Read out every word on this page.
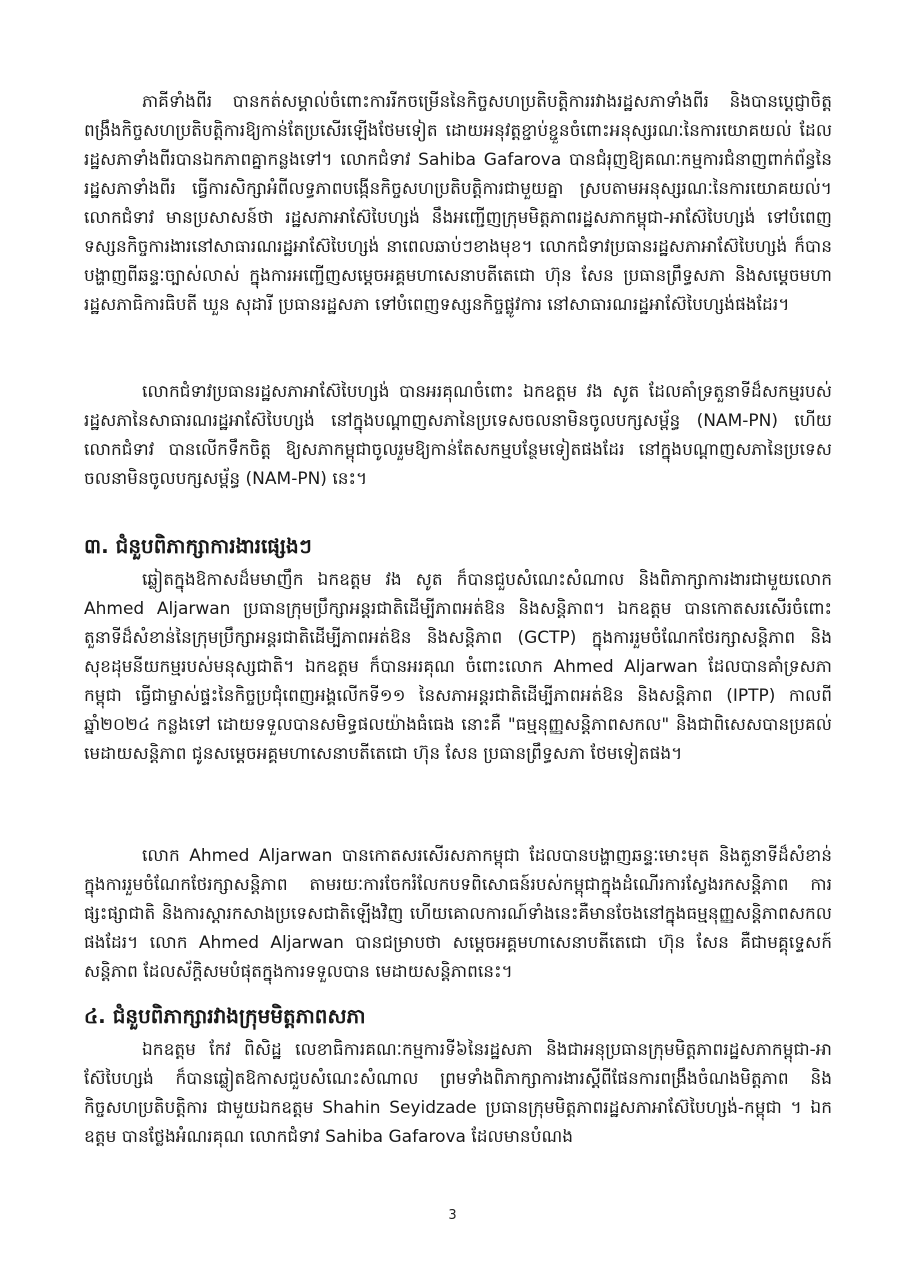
ភាគីទាំងពីរ បានកត់សម្គាល់ចំពោះការរីកចម្រើននៃកិច្ចសហប្រតិបត្តិការរវាងរដ្ឋសភាទាំងពីរ និងបានប្ដេជ្ញាចិត្តពង្រឹងកិច្ចសហប្រតិបត្តិការឱ្យកាន់តែប្រសើរឡើងថែមទៀត ដោយអនុវត្តខ្ជាប់ខ្ជួនចំពោះអនុស្សរណៈនៃការយោគយល់ ដែលរដ្ឋសភាទាំងពីរបានឯកភាពគ្នាកន្លងទៅ។ លោកជំទាវ Sahiba Gafarova បានជំរុញឱ្យគណៈកម្មការជំនាញពាក់ព័ន្ធនៃរដ្ឋសភាទាំងពីរ ធ្វើការសិក្សាអំពីលទ្ធភាពបង្កើនកិច្ចសហប្រតិបត្តិការជាមួយគ្នា ស្របតាមអនុស្សរណៈនៃការយោគយល់។ លោកជំទាវ មានប្រសាសន៍ថា រដ្ឋសភាអាស៊ែបៃហ្សង់ នឹងអញ្ជើញក្រុមមិត្តភាពរដ្ឋសភាកម្ពុជា-អាស៊ែបៃហ្សង់ ទៅបំពេញទស្សនកិច្ចការងារនៅសាធារណរដ្ឋអាស៊ែបៃហ្សង់ នាពេលឆាប់ៗខាងមុខ។ លោកជំទាវប្រធានរដ្ឋសភាអាស៊ែបៃហ្សង់ ក៏បានបង្ហាញពីឆន្ទៈច្បាស់លាស់ ក្នុងការអញ្ជើញសម្ដេចអគ្គមហាសេនាបតីតេជោ ហ៊ុន សែន ប្រធានព្រឹទ្ធសភា និងសម្ដេចមហារដ្ឋសភាធិការធិបតី ឃួន សុដារី ប្រធានរដ្ឋសភា ទៅបំពេញទស្សនកិច្ចផ្លូវការ នៅសាធារណរដ្ឋអាស៊ែបៃហ្សង់ផងដែរ។

លោកជំទាវប្រធានរដ្ឋសភាអាស៊ែបៃហ្សង់ បានអរគុណចំពោះ ឯកឧត្តម វង សូត ដែលគាំទ្រតួនាទីដ៏សកម្មរបស់រដ្ឋសភានៃសាធារណរដ្ឋអាស៊ែបៃហ្សង់ នៅក្នុងបណ្ដាញសភានៃប្រទេសចលនាមិនចូលបក្សសម្ព័ន្ធ (NAM-PN) ហើយលោកជំទាវ បានលើកទឹកចិត្ត ឱ្យសភាកម្ពុជាចូលរួមឱ្យកាន់តែសកម្មបន្ថែមទៀតផងដែរ នៅក្នុងបណ្ដាញសភានៃប្រទេសចលនាមិនចូលបក្សសម្ព័ន្ធ (NAM-PN) នេះ។

៣. ជំនួបពិភាក្សាការងារផ្សេងៗ

ឆ្លៀតក្នុងឱកាសដ៏មមាញឹក ឯកឧត្តម វង សូត ក៏បានជួបសំណេះសំណាល និងពិភាក្សាការងារជាមួយលោក Ahmed Aljarwan ប្រធានក្រុមប្រឹក្សាអន្តរជាតិដើម្បីភាពអត់ឱន និងសន្តិភាព។ ឯកឧត្តម បានកោតសរសើរចំពោះតួនាទីដ៏សំខាន់នៃក្រុមប្រឹក្សាអន្តរជាតិដើម្បីភាពអត់ឱន និងសន្តិភាព (GCTP) ក្នុងការរួមចំណែកថែរក្សាសន្តិភាព និងសុខដុមនីយកម្មរបស់មនុស្សជាតិ។ ឯកឧត្តម ក៏បានអរគុណ ចំពោះលោក Ahmed Aljarwan ដែលបានគាំទ្រសភាកម្ពុជា ធ្វើជាម្ចាស់ផ្ទះនៃកិច្ចប្រជុំពេញអង្គលើកទី១១ នៃសភាអន្តរជាតិដើម្បីភាពអត់ឱន និងសន្តិភាព (IPTP) កាលពីឆ្នាំ២០២៤ កន្លងទៅ ដោយទទួលបានសមិទ្ធផលយ៉ាងធំធេង នោះគឺ "ធម្មនុញ្ញសន្តិភាពសកល" និងជាពិសេសបានប្រគល់មេដាយសន្តិភាព ជូនសម្ដេចអគ្គមហាសេនាបតីតេជោ ហ៊ុន សែន ប្រធានព្រឹទ្ធសភា ថែមទៀតផង។

លោក Ahmed Aljarwan បានកោតសរសើរសភាកម្ពុជា ដែលបានបង្ហាញឆន្ទៈមោះមុត និងតួនាទីដ៏សំខាន់ ក្នុងការរួមចំណែកថែរក្សាសន្តិភាព តាមរយៈការចែករំលែកបទពិសោធន៍របស់កម្ពុជាក្នុងដំណើរការស្វែងរកសន្តិភាព ការផ្សះផ្សាជាតិ និងការស្ដារកសាងប្រទេសជាតិឡើងវិញ ហើយគោលការណ៍ទាំងនេះគឺមានចែងនៅក្នុងធម្មនុញ្ញសន្តិភាពសកលផងដែរ។ លោក Ahmed Aljarwan បានជម្រាបថា សម្ដេចអគ្គមហាសេនាបតីតេជោ ហ៊ុន សែន គឺជាមគ្គុទ្ទេសក៍សន្តិភាព ដែលស័ក្ដិសមបំផុតក្នុងការទទួលបាន មេដាយសន្តិភាពនេះ។

៤. ជំនួបពិភាក្សារវាងក្រុមមិត្តភាពសភា

ឯកឧត្តម កែវ ពិសិដ្ឋ លេខាធិការគណៈកម្មការទី៦នៃរដ្ឋសភា និងជាអនុប្រធានក្រុមមិត្តភាពរដ្ឋសភាកម្ពុជា-អាស៊ែបៃហ្សង់ ក៏បានឆ្លៀតឱកាសជួបសំណេះសំណាល ព្រមទាំងពិភាក្សាការងារស្ដីពីផែនការពង្រឹងចំណងមិត្តភាព និងកិច្ចសហប្រតិបត្តិការ ជាមួយឯកឧត្តម Shahin Seyidzade ប្រធានក្រុមមិត្តភាពរដ្ឋសភាអាស៊ែបៃហ្សង់-កម្ពុជា ។ ឯកឧត្តម បានថ្លែងអំណរគុណ លោកជំទាវ Sahiba Gafarova ដែលមានបំណង

3
